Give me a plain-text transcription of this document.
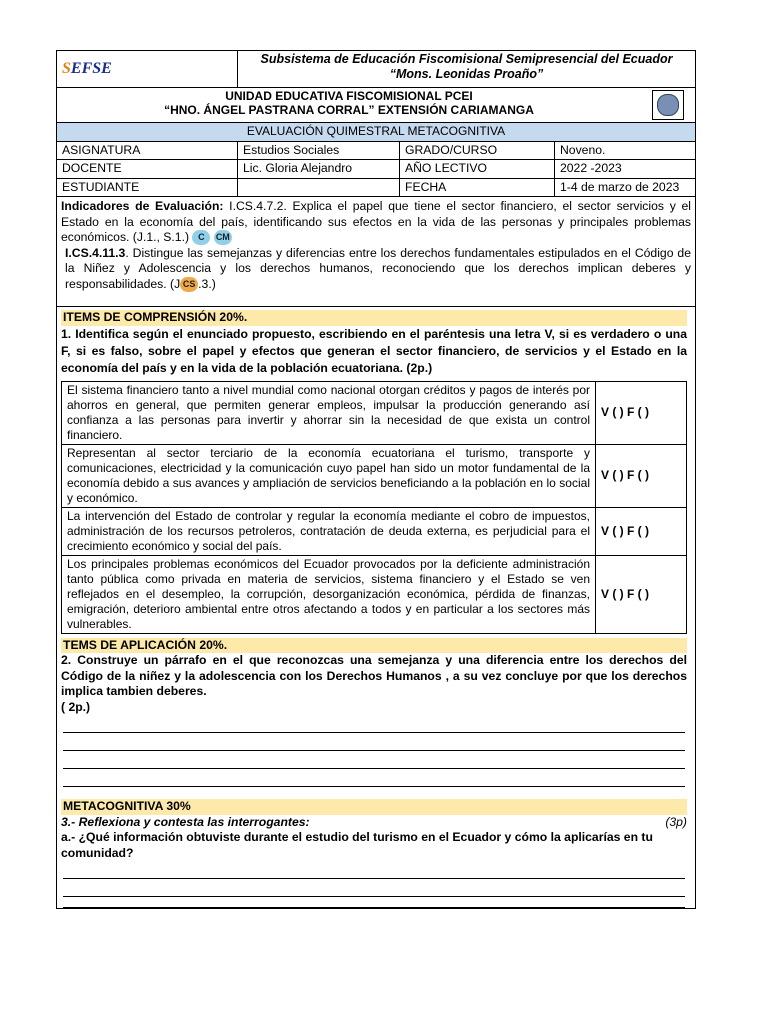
SEFSE	
Subsistema de Educación Fiscomisional Semipresencial del Ecuador
“Mons. Leonidas Proaño”
UNIDAD EDUCATIVA FISCOMISIONAL PCEI
“HNO. ÁNGEL PASTRANA CORRAL” EXTENSIÓN CARIAMANGA

EVALUACIÓN QUIMESTRAL METACOGNITIVA
ASIGNATURA	Estudios Sociales	GRADO/CURSO	Noveno.
DOCENTE	Lic. Gloria Alejandro	AÑO LECTIVO	2022 -2023
ESTUDIANTE		FECHA	1-4 de marzo de 2023
Indicadores de Evaluación: I.CS.4.7.2. Explica el papel que tiene el sector financiero, el sector servicios y el Estado en la economía del país, identificando sus efectos en la vida de las personas y principales problemas económicos. (J.1., S.1.) C CM
I.CS.4.11.3. Distingue las semejanzas y diferencias entre los derechos fundamentales estipulados en el Código de la Niñez y Adolescencia y los derechos humanos, reconociendo que los derechos implican deberes y responsabilidades. (J CS .3.)

ITEMS DE COMPRENSIÓN 20%.
1. Identifica según el enunciado propuesto, escribiendo en el paréntesis una letra V, si es verdadero o una F, si es falso, sobre el papel y efectos que generan el sector financiero, de servicios y el Estado en la economía del país y en la vida de la población ecuatoriana. (2p.)
El sistema financiero tanto a nivel mundial como nacional otorgan créditos y pagos de interés por ahorros en general, que permiten generar empleos, impulsar la producción generando así confianza a las personas para invertir y ahorrar sin la necesidad de que exista un control financiero.	V ( ) F ( )
Representan al sector terciario de la economía ecuatoriana el turismo, transporte y comunicaciones, electricidad y la comunicación cuyo papel han sido un motor fundamental de la economía debido a sus avances y ampliación de servicios beneficiando a la población en lo social y económico.	V ( ) F ( )
La intervención del Estado de controlar y regular la economía mediante el cobro de impuestos, administración de los recursos petroleros, contratación de deuda externa, es perjudicial para el crecimiento económico y social del país.	V ( ) F ( )
Los principales problemas económicos del Ecuador provocados por la deficiente administración tanto pública como privada en materia de servicios, sistema financiero y el Estado se ven reflejados en el desempleo, la corrupción, desorganización económica, pérdida de finanzas, emigración, deterioro ambiental entre otros afectando a todos y en particular a los sectores más vulnerables.	V ( ) F ( )
TEMS DE APLICACIÓN 20%.
2. Construye un párrafo en el que reconozcas una semejanza y una diferencia entre los derechos del Código de la niñez y la adolescencia con los Derechos Humanos , a su vez concluye por que los derechos implica tambien deberes.
( 2p.)
METACOGNITIVA 30%
3.- Reflexiona y contesta las interrogantes:	(3p)
a.- ¿Qué información obtuviste durante el estudio del turismo en el Ecuador y cómo la aplicarías en tu comunidad?
